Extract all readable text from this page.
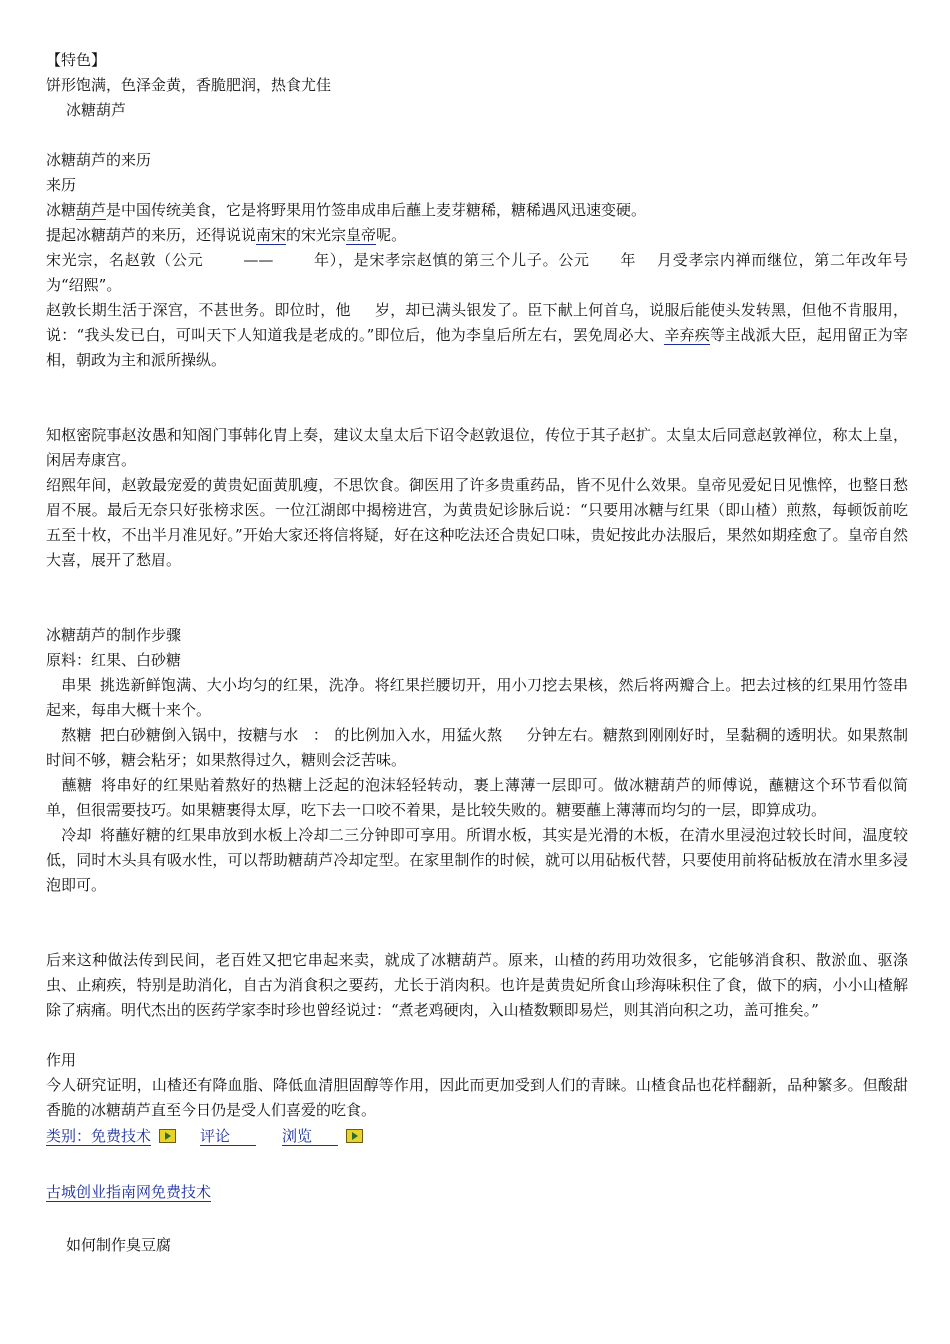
【特色】

饼形饱满，色泽金黄，香脆肥润，热食尤佳

冰糖葫芦

冰糖葫芦的来历

来历

冰糖葫芦是中国传统美食，它是将野果用竹签串成串后蘸上麦芽糖稀，糖稀遇风迅速变硬。

提起冰糖葫芦的来历，还得说说南宋的宋光宗皇帝呢。

宋光宗，名赵敦（公元	——	年），是宋孝宗赵慎的第三个儿子。公元 年 月受孝宗内禅而继位，第二年改年号为“绍熙”。

赵敦长期生活于深宫，不甚世务。即位时，他 岁，却已满头银发了。臣下献上何首乌，说服后能使头发转黑，但他不肯服用，说：“我头发已白，可叫天下人知道我是老成的。”即位后，他为李皇后所左右，罢免周必大、辛弃疾等主战派大臣，起用留正为宰相，朝政为主和派所操纵。

知枢密院事赵汝愚和知阁门事韩化胄上奏，建议太皇太后下诏令赵敦退位，传位于其子赵扩。太皇太后同意赵敦禅位，称太上皇，闲居寿康宫。

绍熙年间，赵敦最宠爱的黄贵妃面黄肌瘦，不思饮食。御医用了许多贵重药品，皆不见什么效果。皇帝见爱妃日见憔悴，也整日愁眉不展。最后无奈只好张榜求医。一位江湖郎中揭榜进宫，为黄贵妃诊脉后说：“只要用冰糖与红果（即山楂）煎熬，每顿饭前吃五至十枚，不出半月准见好。”开始大家还将信将疑，好在这种吃法还合贵妃口味，贵妃按此办法服后，果然如期痊愈了。皇帝自然大喜，展开了愁眉。

冰糖葫芦的制作步骤

原料：红果、白砂糖

串果 挑选新鲜饱满、大小均匀的红果，洗净。将红果拦腰切开，用小刀挖去果核，然后将两瓣合上。把去过核的红果用竹签串起来，每串大概十来个。

熬糖 把白砂糖倒入锅中，按糖与水 ： 的比例加入水，用猛火熬 分钟左右。糖熬到刚刚好时，呈黏稠的透明状。如果熬制时间不够，糖会粘牙；如果熬得过久，糖则会泛苦味。

蘸糖 将串好的红果贴着熬好的热糖上泛起的泡沫轻轻转动，裹上薄薄一层即可。做冰糖葫芦的师傅说，蘸糖这个环节看似简单，但很需要技巧。如果糖裹得太厚，吃下去一口咬不着果，是比较失败的。糖要蘸上薄薄而均匀的一层，即算成功。

冷却 将蘸好糖的红果串放到水板上冷却二三分钟即可享用。所谓水板，其实是光滑的木板，在清水里浸泡过较长时间，温度较低，同时木头具有吸水性，可以帮助糖葫芦冷却定型。在家里制作的时候，就可以用砧板代替，只要使用前将砧板放在清水里多浸泡即可。

后来这种做法传到民间，老百姓又把它串起来卖，就成了冰糖葫芦。原来，山楂的药用功效很多，它能够消食积、散淤血、驱涤虫、止痢疾，特别是助消化，自古为消食积之要药，尤长于消肉积。也许是黄贵妃所食山珍海味积住了食，做下的病，小小山楂解除了病痛。明代杰出的医药学家李时珍也曾经说过：“煮老鸡硬肉，入山楂数颗即易烂，则其消向积之功，盖可推矣。”

作用

今人研究证明，山楂还有降血脂、降低血清胆固醇等作用，因此而更加受到人们的青睐。山楂食品也花样翻新，品种繁多。但酸甜香脆的冰糖葫芦直至今日仍是受人们喜爱的吃食。

类别：免费技术	评论	浏览

古城创业指南网免费技术

如何制作臭豆腐
